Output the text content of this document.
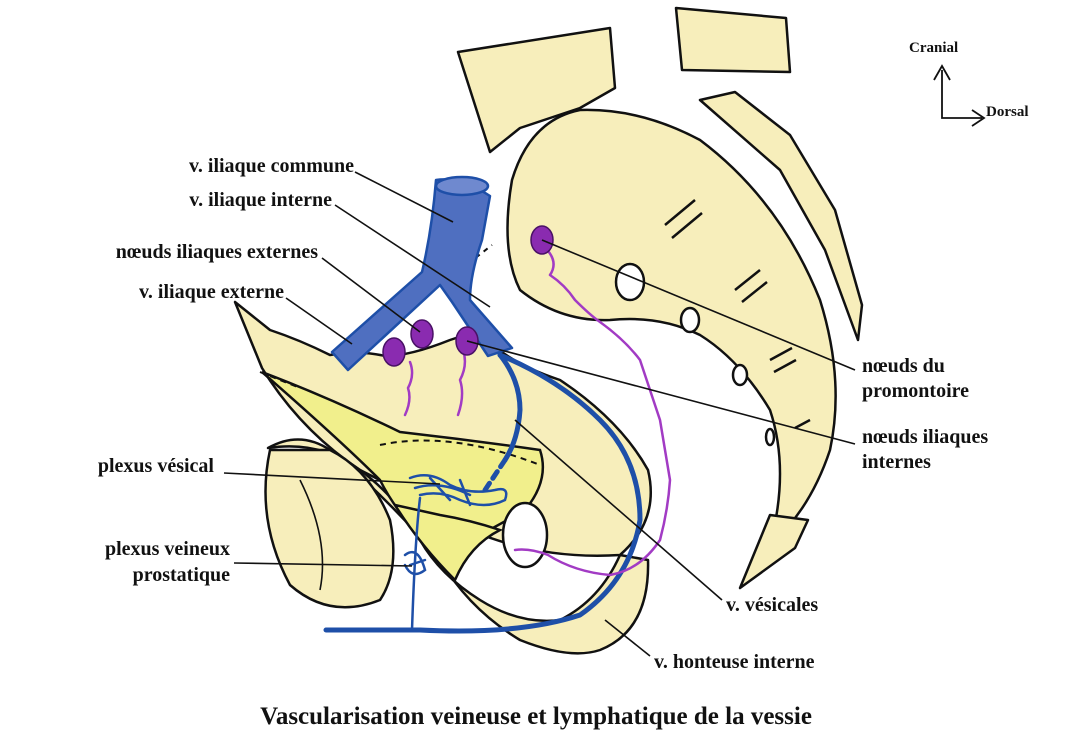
Cranial
Dorsal
v. iliaque commune
v. iliaque interne
nœuds iliaques externes
v. iliaque externe
plexus vésical
plexus veineux
prostatique
nœuds du
promontoire
nœuds iliaques
internes
v. vésicales
v. honteuse interne
Vascularisation veineuse et lymphatique de la vessie
